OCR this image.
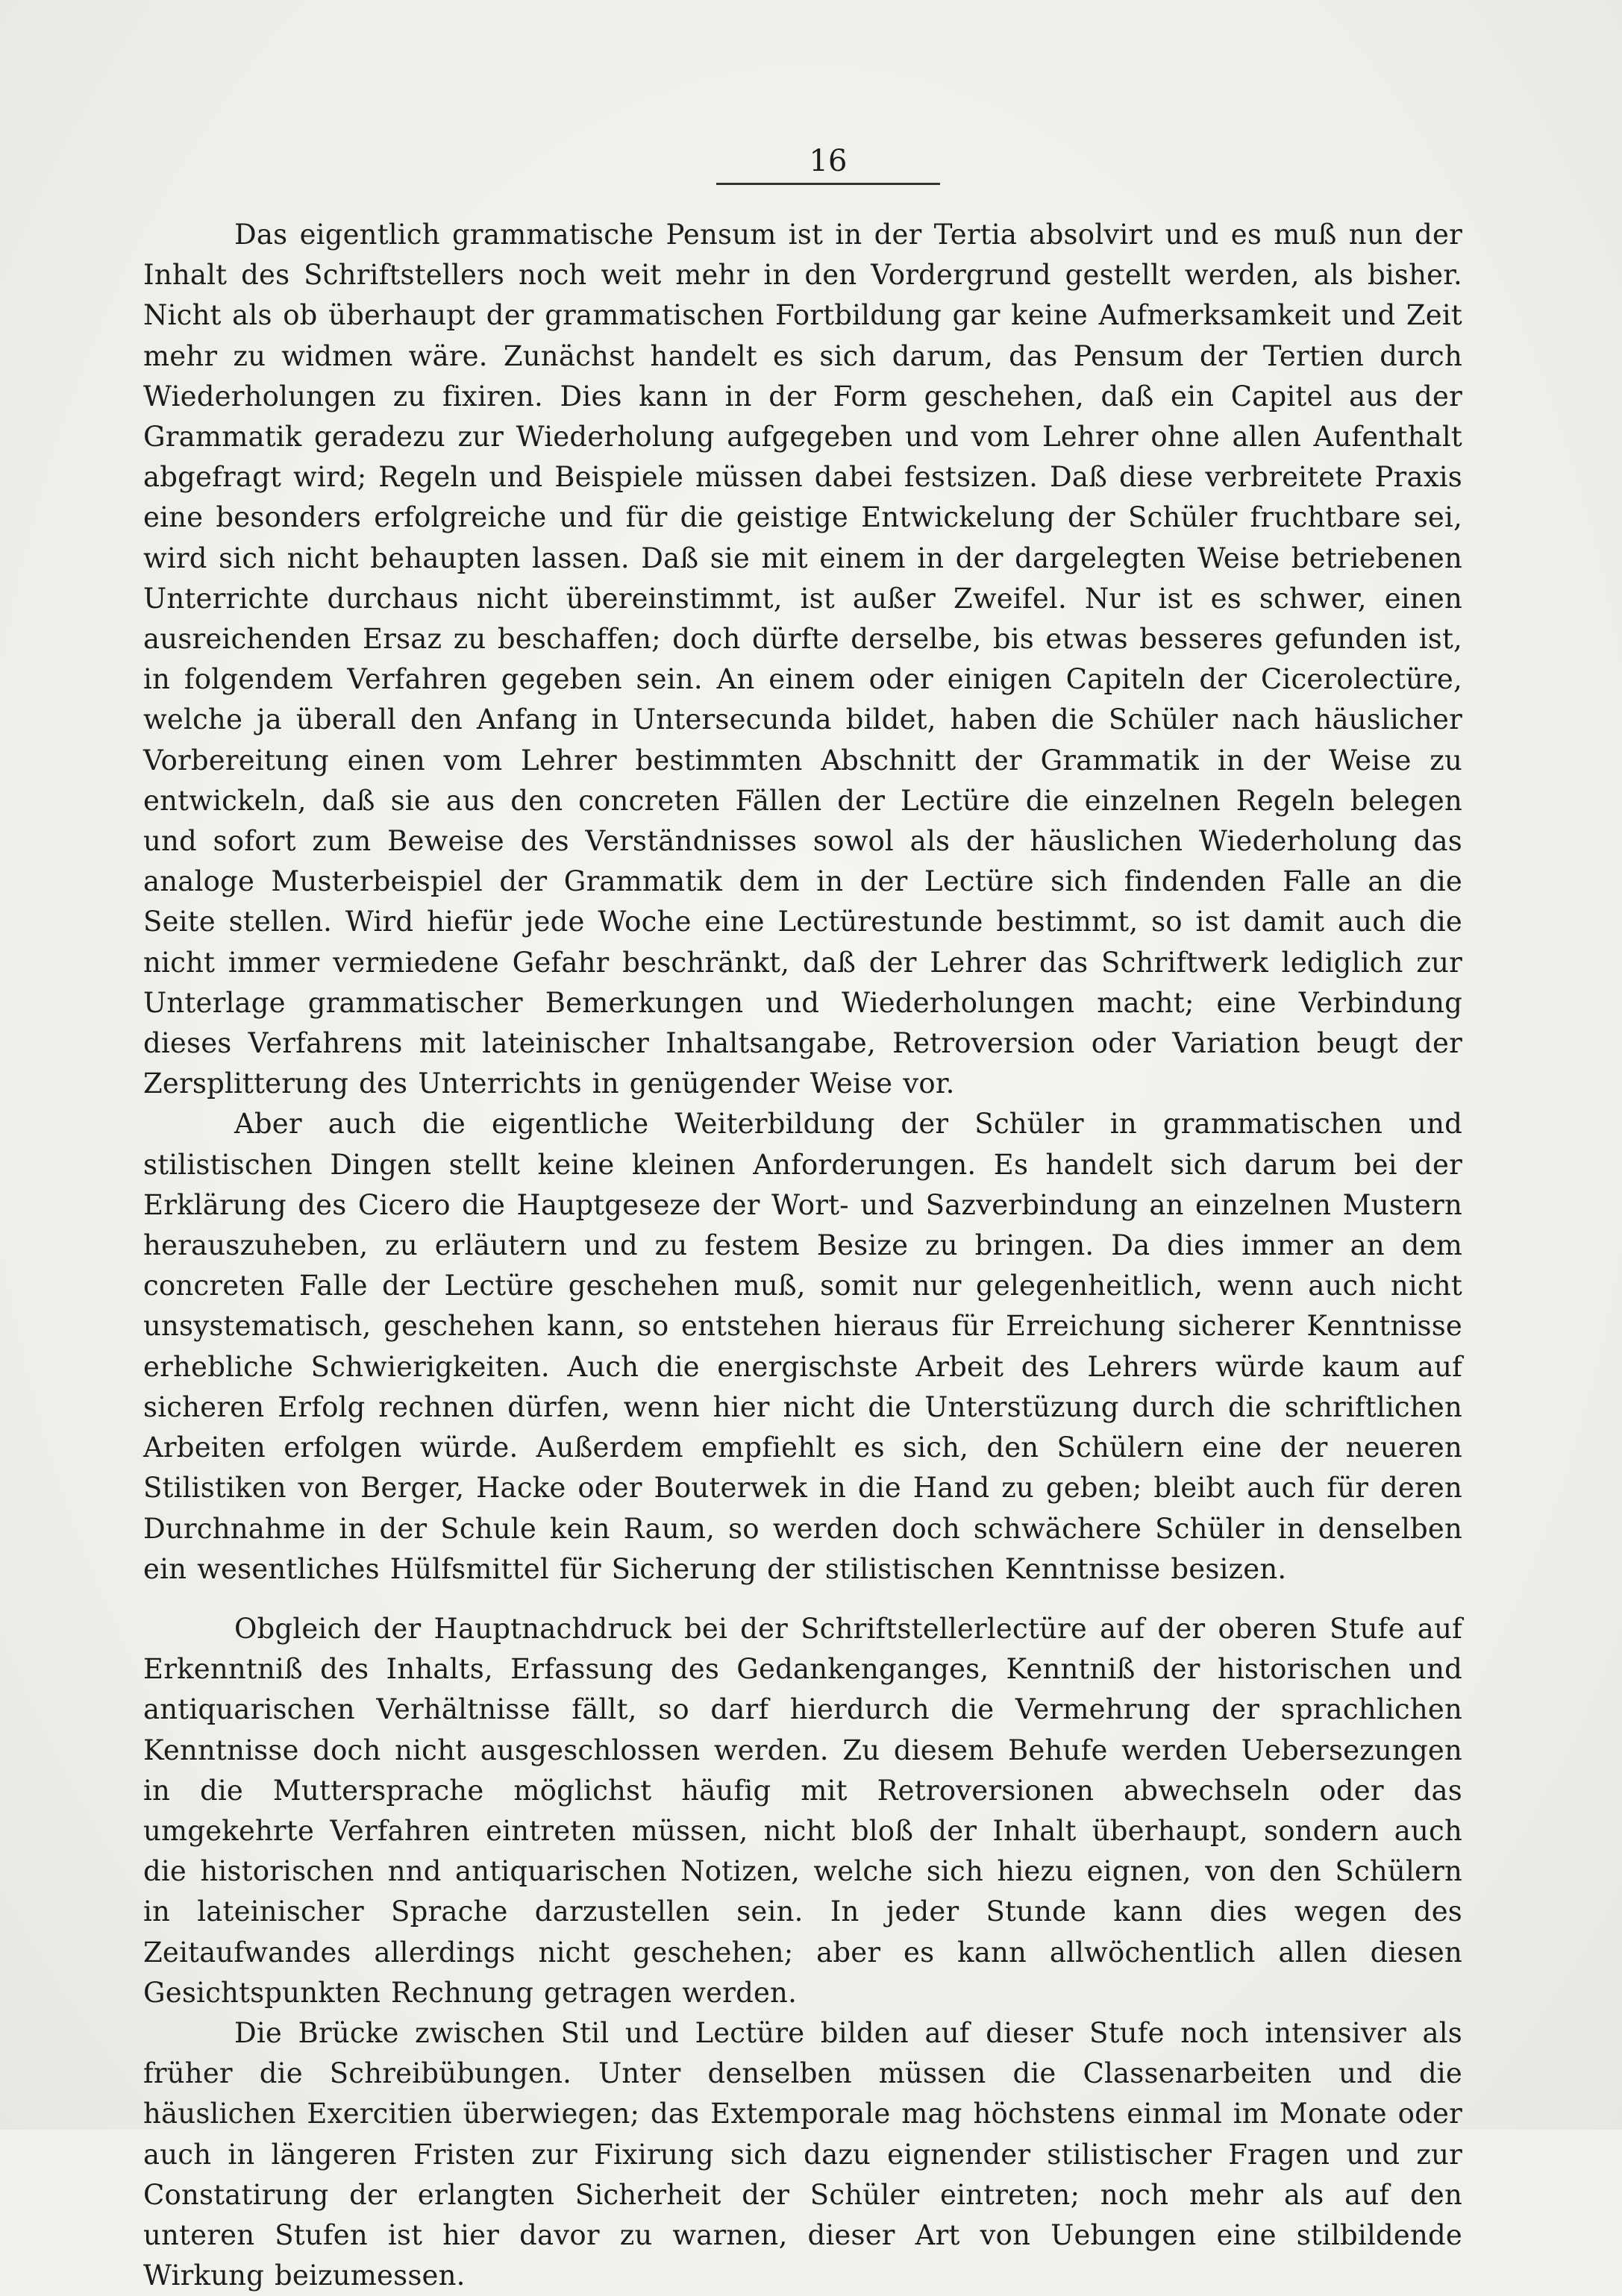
16

Das eigentlich grammatische Pensum ist in der Tertia absolvirt und es muß nun der Inhalt des Schriftstellers noch weit mehr in den Vordergrund gestellt werden, als bisher. Nicht als ob überhaupt der grammatischen Fortbildung gar keine Aufmerksamkeit und Zeit mehr zu widmen wäre. Zunächst handelt es sich darum, das Pensum der Tertien durch Wiederholungen zu fixiren. Dies kann in der Form geschehen, daß ein Capitel aus der Grammatik geradezu zur Wiederholung aufgegeben und vom Lehrer ohne allen Aufenthalt abgefragt wird; Regeln und Beispiele müssen dabei festsizen. Daß diese verbreitete Praxis eine besonders erfolgreiche und für die geistige Entwickelung der Schüler fruchtbare sei, wird sich nicht behaupten lassen. Daß sie mit einem in der dargelegten Weise betriebenen Unterrichte durchaus nicht übereinstimmt, ist außer Zweifel. Nur ist es schwer, einen ausreichenden Ersaz zu beschaffen; doch dürfte derselbe, bis etwas besseres gefunden ist, in folgendem Verfahren gegeben sein. An einem oder einigen Capiteln der Cicerolectüre, welche ja überall den Anfang in Untersecunda bildet, haben die Schüler nach häuslicher Vorbereitung einen vom Lehrer bestimmten Abschnitt der Grammatik in der Weise zu entwickeln, daß sie aus den concreten Fällen der Lectüre die einzelnen Regeln belegen und sofort zum Beweise des Verständnisses sowol als der häuslichen Wiederholung das analoge Musterbeispiel der Grammatik dem in der Lectüre sich findenden Falle an die Seite stellen. Wird hiefür jede Woche eine Lectürestunde bestimmt, so ist damit auch die nicht immer vermiedene Gefahr beschränkt, daß der Lehrer das Schriftwerk lediglich zur Unterlage grammatischer Bemerkungen und Wiederholungen macht; eine Verbindung dieses Verfahrens mit lateinischer Inhaltsangabe, Retroversion oder Variation beugt der Zersplitterung des Unterrichts in genügender Weise vor.

Aber auch die eigentliche Weiterbildung der Schüler in grammatischen und stilistischen Dingen stellt keine kleinen Anforderungen. Es handelt sich darum bei der Erklärung des Cicero die Hauptgeseze der Wort- und Sazverbindung an einzelnen Mustern herauszuheben, zu erläutern und zu festem Besize zu bringen. Da dies immer an dem concreten Falle der Lectüre geschehen muß, somit nur gelegenheitlich, wenn auch nicht unsystematisch, geschehen kann, so entstehen hieraus für Erreichung sicherer Kenntnisse erhebliche Schwierigkeiten. Auch die energischste Arbeit des Lehrers würde kaum auf sicheren Erfolg rechnen dürfen, wenn hier nicht die Unterstüzung durch die schriftlichen Arbeiten erfolgen würde. Außerdem empfiehlt es sich, den Schülern eine der neueren Stilistiken von Berger, Hacke oder Bouterwek in die Hand zu geben; bleibt auch für deren Durchnahme in der Schule kein Raum, so werden doch schwächere Schüler in denselben ein wesentliches Hülfsmittel für Sicherung der stilistischen Kenntnisse besizen.

Obgleich der Hauptnachdruck bei der Schriftstellerlectüre auf der oberen Stufe auf Erkenntniß des Inhalts, Erfassung des Gedankenganges, Kenntniß der historischen und antiquarischen Verhältnisse fällt, so darf hierdurch die Vermehrung der sprachlichen Kenntnisse doch nicht ausgeschlossen werden. Zu diesem Behufe werden Uebersezungen in die Muttersprache möglichst häufig mit Retroversionen abwechseln oder das umgekehrte Verfahren eintreten müssen, nicht bloß der Inhalt überhaupt, sondern auch die historischen nnd antiquarischen Notizen, welche sich hiezu eignen, von den Schülern in lateinischer Sprache darzustellen sein. In jeder Stunde kann dies wegen des Zeitaufwandes allerdings nicht geschehen; aber es kann allwöchentlich allen diesen Gesichtspunkten Rechnung getragen werden.

Die Brücke zwischen Stil und Lectüre bilden auf dieser Stufe noch intensiver als früher die Schreibübungen. Unter denselben müssen die Classenarbeiten und die häuslichen Exercitien überwiegen; das Extemporale mag höchstens einmal im Monate oder auch in längeren Fristen zur Fixirung sich dazu eignender stilistischer Fragen und zur Constatirung der erlangten Sicherheit der Schüler eintreten; noch mehr als auf den unteren Stufen ist hier davor zu warnen, dieser Art von Uebungen eine stilbildende Wirkung beizumessen.
